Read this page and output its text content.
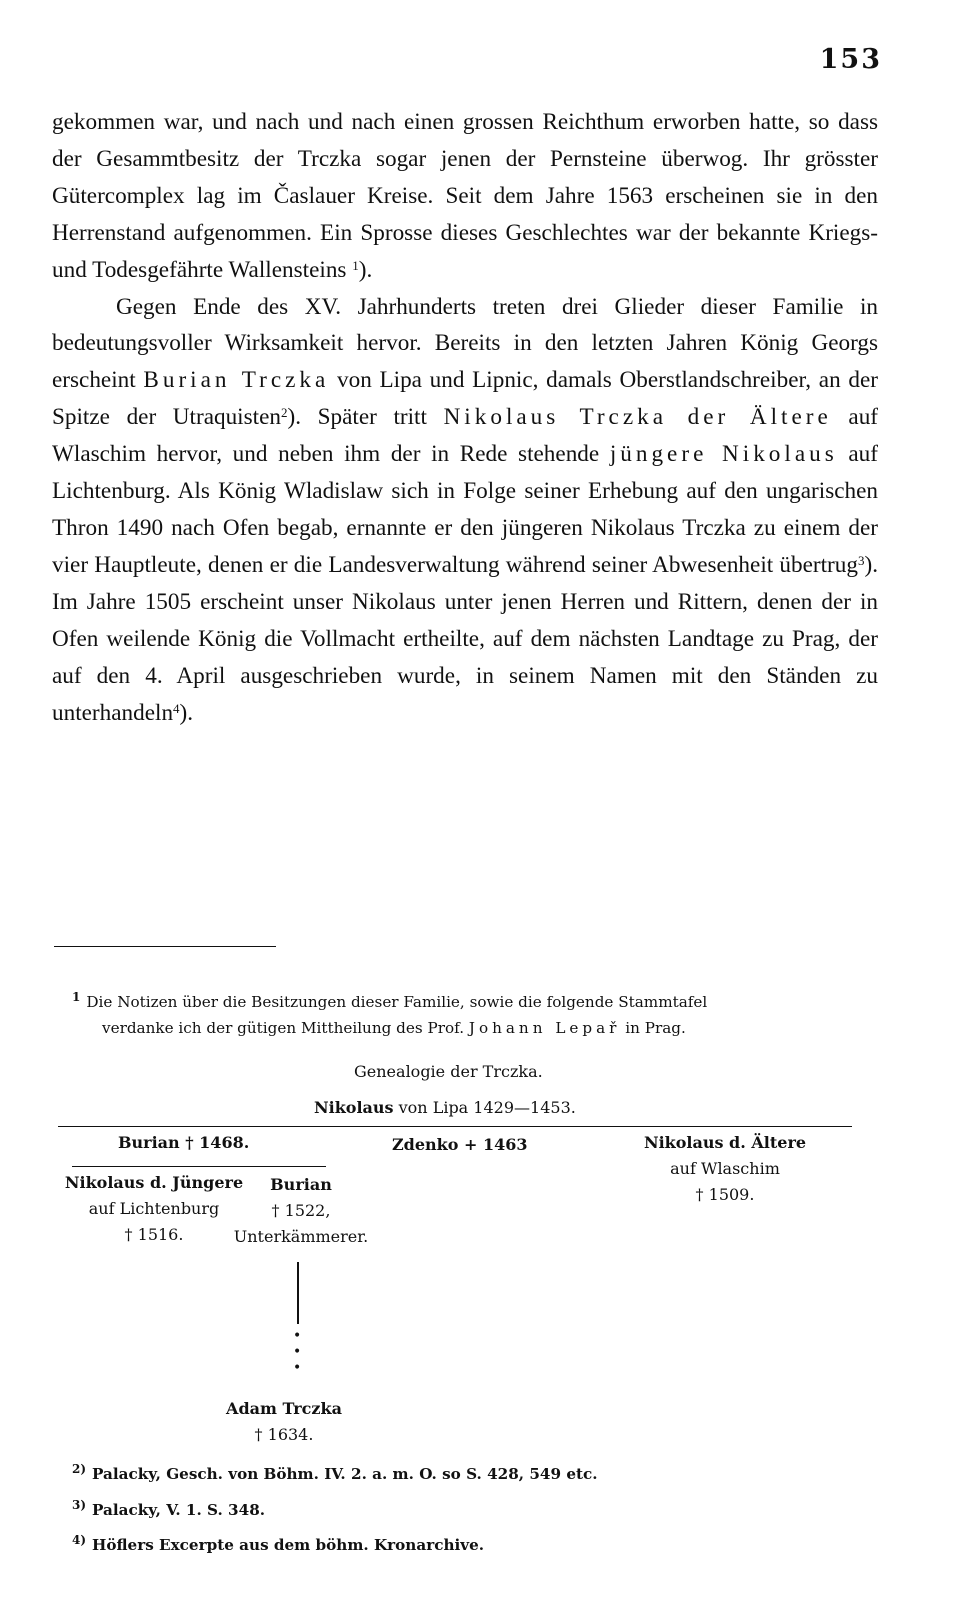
153

gekommen war, und nach und nach einen grossen Reichthum erworben hatte, so dass der Gesammtbesitz der Trczka sogar jenen der Pernsteine überwog. Ihr grösster Gütercomplex lag im Časlauer Kreise. Seit dem Jahre 1563 erscheinen sie in den Herrenstand aufgenommen. Ein Sprosse dieses Geschlechtes war der bekannte Kriegs- und Todesgefährte Wallensteins $^1$).

Gegen Ende des XV. Jahrhunderts treten drei Glieder dieser Familie in bedeutungsvoller Wirksamkeit hervor. Bereits in den letzten Jahren König Georgs erscheint Burian Trczka von Lipa und Lipnic, damals Oberstlandschreiber, an der Spitze der Utraquisten$^2$). Später tritt Nikolaus Trczka der Ältere auf Wlaschim hervor, und neben ihm der in Rede stehende jüngere Nikolaus auf Lichtenburg. Als König Wladislaw sich in Folge seiner Erhebung auf den ungarischen Thron 1490 nach Ofen begab, ernannte er den jüngeren Nikolaus Trczka zu einem der vier Hauptleute, denen er die Landesverwaltung während seiner Abwesenheit übertrug$^3$). Im Jahre 1505 erscheint unser Nikolaus unter jenen Herren und Rittern, denen der in Ofen weilende König die Vollmacht ertheilte, auf dem nächsten Landtage zu Prag, der auf den 4. April ausgeschrieben wurde, in seinem Namen mit den Ständen zu unterhandeln$^4$).

$^1$ Die Notizen über die Besitzungen dieser Familie, sowie die folgende Stammtafel
verdanke ich der gütigen Mittheilung des Prof. Johann Lepař in Prag.
Genealogie der Trczka.
Nikolaus von Lipa 1429—1453.
Burian † 1468.	Zdenko + 1463	Nikolaus d. Ältere
auf Wlaschim
† 1509.
Nikolaus d. Jüngere
auf Lichtenburg
† 1516.
Burian
† 1522,
Unterkämmerer.
•
•
•
Adam Trczka
† 1634.
$^{2)}$ Palacky, Gesch. von Böhm. IV. 2. a. m. O. so S. 428, 549 etc.
$^{3)}$ Palacky, V. 1. S. 348.
$^{4)}$ Höflers Excerpte aus dem böhm. Kronarchive.
